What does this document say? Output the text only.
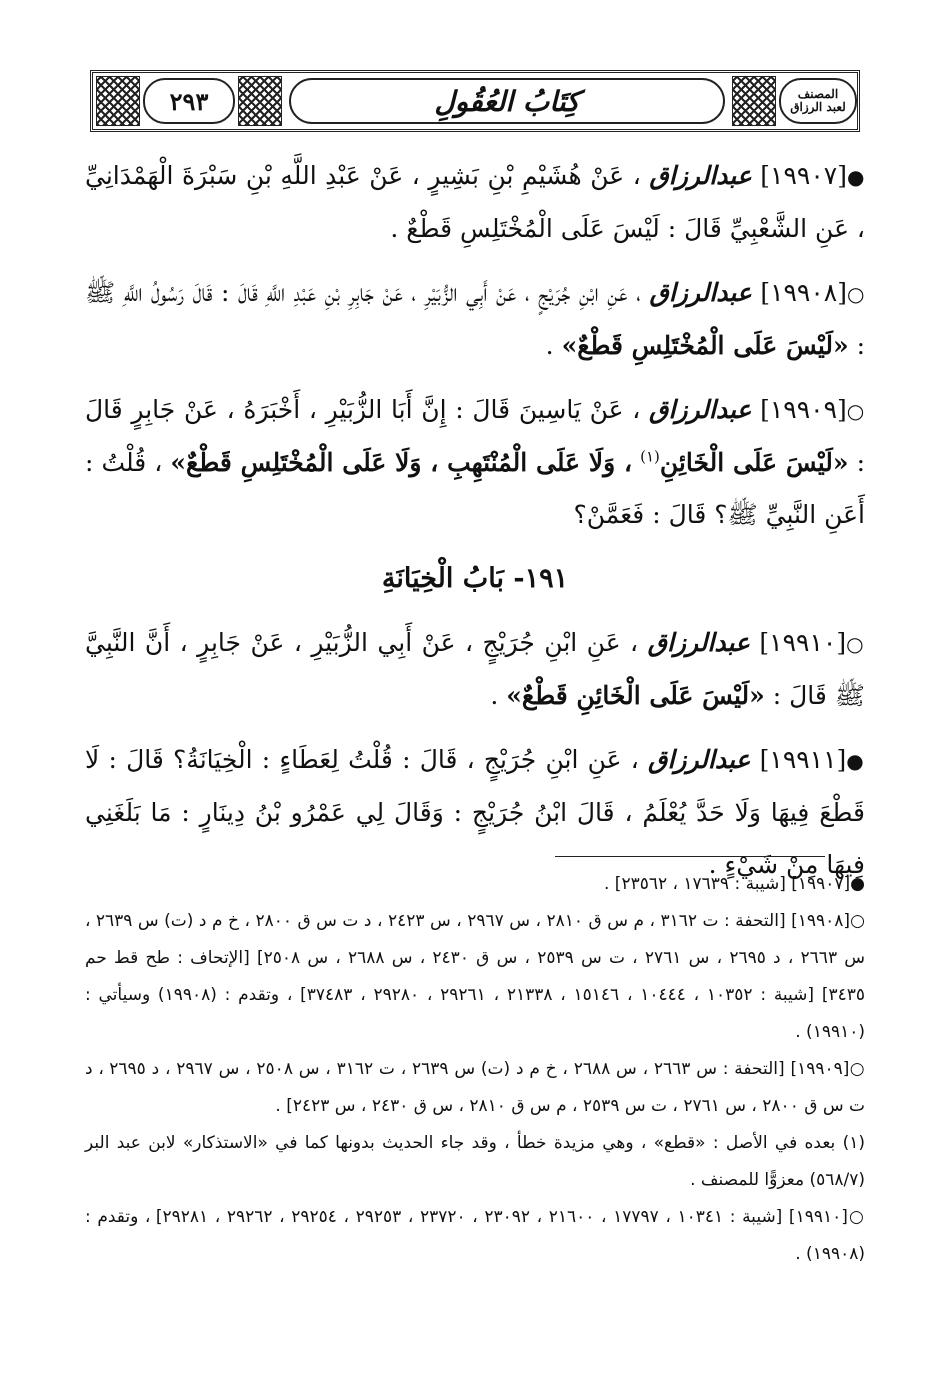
٢٩٣	كِتَابُ العُقُولِ	المصنف
لعبد الرزاق

●[١٩٩٠٧] عبدالرزاق ، عَنْ هُشَيْمِ بْنِ بَشِيرٍ ، عَنْ عَبْدِ اللَّهِ بْنِ سَبْرَةَ الْهَمْدَانِيِّ ، عَنِ الشَّعْبِيِّ قَالَ : لَيْسَ عَلَى الْمُخْتَلِسِ قَطْعٌ .

○[١٩٩٠٨] عبدالرزاق ، عَنِ ابْنِ جُرَيْجٍ ، عَنْ أَبِي الزُّبَيْرِ ، عَنْ جَابِرِ بْنِ عَبْدِ اللَّهِ قَالَ : قَالَ رَسُولُ اللَّهِ ﷺ : «لَيْسَ عَلَى الْمُخْتَلِسِ قَطْعٌ» .

○[١٩٩٠٩] عبدالرزاق ، عَنْ يَاسِينَ قَالَ : إِنَّ أَبَا الزُّبَيْرِ ، أَخْبَرَهُ ، عَنْ جَابِرٍ قَالَ : «لَيْسَ عَلَى الْخَائِنِ$^{(١)}$ ، وَلَا عَلَى الْمُنْتَهِبِ ، وَلَا عَلَى الْمُخْتَلِسِ قَطْعٌ» ، قُلْتُ : أَعَنِ النَّبِيِّ ﷺ؟ قَالَ : فَعَمَّنْ؟

١٩١- بَابُ الْخِيَانَةِ

○[١٩٩١٠] عبدالرزاق ، عَنِ ابْنِ جُرَيْجٍ ، عَنْ أَبِي الزُّبَيْرِ ، عَنْ جَابِرٍ ، أَنَّ النَّبِيَّ ﷺ قَالَ : «لَيْسَ عَلَى الْخَائِنِ قَطْعٌ» .

●[١٩٩١١] عبدالرزاق ، عَنِ ابْنِ جُرَيْجٍ ، قَالَ : قُلْتُ لِعَطَاءٍ : الْخِيَانَةُ؟ قَالَ : لَا قَطْعَ فِيهَا وَلَا حَدَّ يُعْلَمُ ، قَالَ ابْنُ جُرَيْجٍ : وَقَالَ لِي عَمْرُو بْنُ دِينَارٍ : مَا بَلَغَنِي فِيهَا مِنْ شَيْءٍ .

●[١٩٩٠٧] [شيبة : ١٧٦٣٩ ، ٢٣٥٦٢] .

○[١٩٩٠٨] [التحفة : ت ٣١٦٢ ، م س ق ٢٨١٠ ، س ٢٩٦٧ ، س ٢٤٢٣ ، د ت س ق ٢٨٠٠ ، خ م د (ت) س ٢٦٣٩ ، س ٢٦٦٣ ، د ٢٦٩٥ ، س ٢٧٦١ ، ت س ٢٥٣٩ ، س ق ٢٤٣٠ ، س ٢٦٨٨ ، س ٢٥٠٨] [الإتحاف : طح قط حم ٣٤٣٥] [شيبة : ١٠٣٥٢ ، ١٠٤٤٤ ، ١٥١٤٦ ، ٢١٣٣٨ ، ٢٩٢٦١ ، ٢٩٢٨٠ ، ٣٧٤٨٣] ، وتقدم : (١٩٩٠٨) وسيأتي : (١٩٩١٠) .

○[١٩٩٠٩] [التحفة : س ٢٦٦٣ ، س ٢٦٨٨ ، خ م د (ت) س ٢٦٣٩ ، ت ٣١٦٢ ، س ٢٥٠٨ ، س ٢٩٦٧ ، د ٢٦٩٥ ، د ت س ق ٢٨٠٠ ، س ٢٧٦١ ، ت س ٢٥٣٩ ، م س ق ٢٨١٠ ، س ق ٢٤٣٠ ، س ٢٤٢٣] .

(١) بعده في الأصل : «قطع» ، وهي مزيدة خطأ ، وقد جاء الحديث بدونها كما في «الاستذكار» لابن عبد البر (٥٦٨/٧) معزوًّا للمصنف .

○[١٩٩١٠] [شيبة : ١٠٣٤١ ، ١٧٧٩٧ ، ٢١٦٠٠ ، ٢٣٠٩٢ ، ٢٣٧٢٠ ، ٢٩٢٥٣ ، ٢٩٢٥٤ ، ٢٩٢٦٢ ، ٢٩٢٨١] ، وتقدم : (١٩٩٠٨) .
